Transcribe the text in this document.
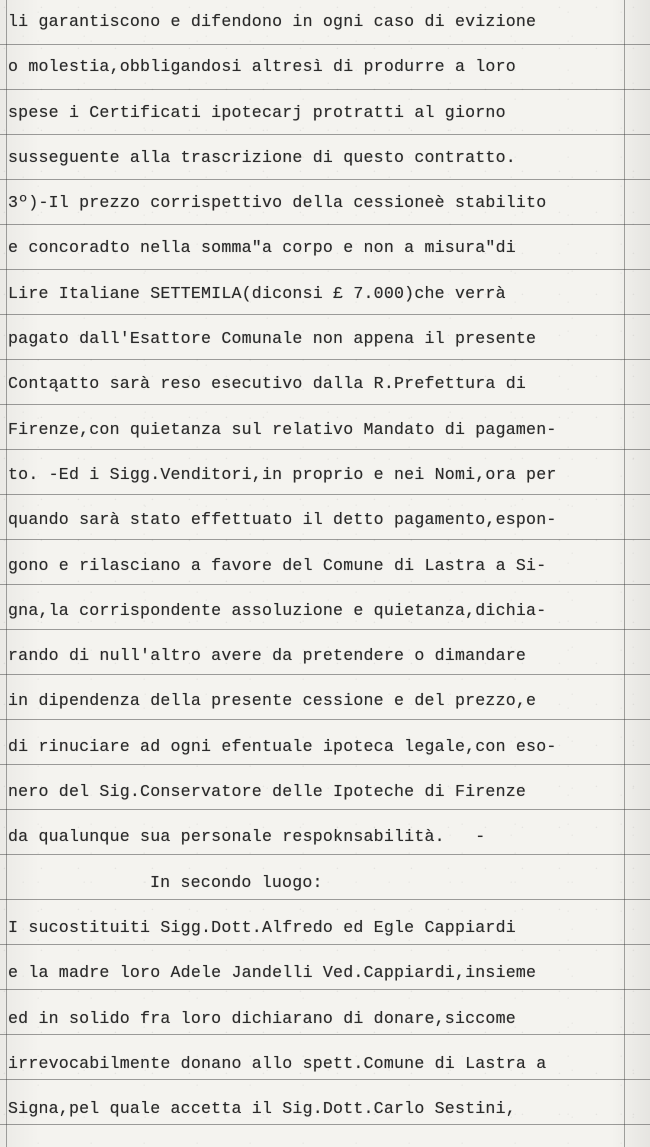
li garantiscono e difendono in ogni caso di evizione
o molestia,obbligandosi altresì di produrre a loro
spese i Certificati ipotecarj protratti al giorno
susseguente alla trascrizione di questo contratto.
3º)-Il prezzo corrispettivo della cessioneè stabilito
e concoradto nella somma"a corpo e non a misura"di
Lire Italiane SETTEMILA(diconsi £ 7.000)che verrà
pagato dall'Esattore Comunale non appena il presente
Contąatto sarà reso esecutivo dalla R.Prefettura di
Firenze,con quietanza sul relativo Mandato di pagamen-
to. -Ed i Sigg.Venditori,in proprio e nei Nomi,ora per
quando sarà stato effettuato il detto pagamento,espon-
gono e rilasciano a favore del Comune di Lastra a Si-
gna,la corrispondente assoluzione e quietanza,dichia-
rando di null'altro avere da pretendere o dimandare
in dipendenza della presente cessione e del prezzo,e
di rinuciare ad ogni efentuale ipoteca legale,con eso-
nero del Sig.Conservatore delle Ipoteche di Firenze
da qualunque sua personale respoknsabilità.   -
In secondo luogo:
I sucostituiti Sigg.Dott.Alfredo ed Egle Cappiardi
e la madre loro Adele Jandelli Ved.Cappiardi,insieme
ed in solido fra loro dichiarano di donare,siccome
irrevocabilmente donano allo spett.Comune di Lastra a
Signa,pel quale accetta il Sig.Dott.Carlo Sestini,
